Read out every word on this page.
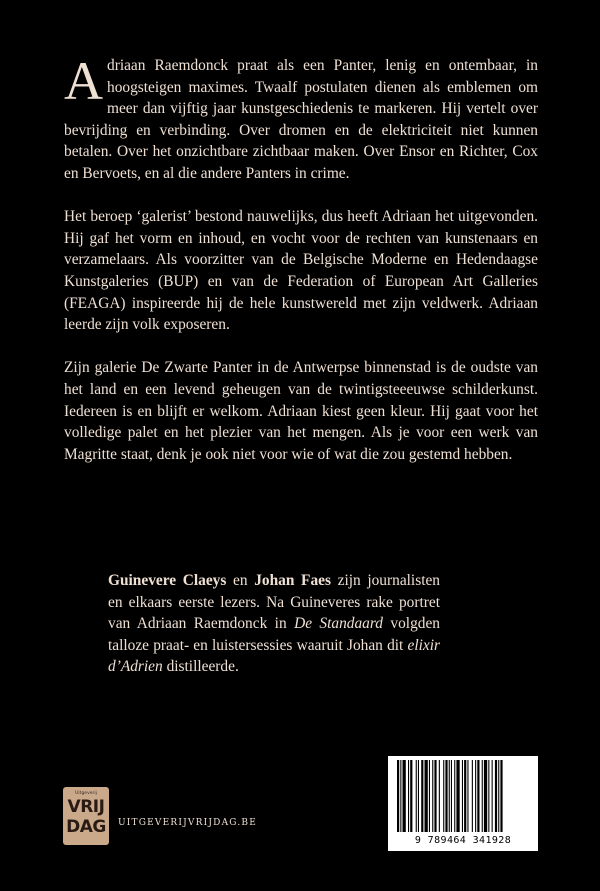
Adriaan Raemdonck praat als een Panter, lenig en ontembaar, in hoogsteigen maximes. Twaalf postulaten dienen als emblemen om meer dan vijftig jaar kunstgeschiedenis te markeren. Hij vertelt over bevrijding en verbinding. Over dromen en de elektriciteit niet kunnen betalen. Over het onzichtbare zichtbaar maken. Over Ensor en Richter, Cox en Bervoets, en al die andere Panters in crime.

Het beroep ‘galerist’ bestond nauwelijks, dus heeft Adriaan het uitgevonden. Hij gaf het vorm en inhoud, en vocht voor de rechten van kunstenaars en verzamelaars. Als voorzitter van de Belgische Moderne en Hedendaagse Kunstgaleries (BUP) en van de Federation of European Art Galleries (FEAGA) inspireerde hij de hele kunstwereld met zijn veldwerk. Adriaan leerde zijn volk exposeren.

Zijn galerie De Zwarte Panter in de Antwerpse binnenstad is de oudste van het land en een levend geheugen van de twintigsteeeuwse schilderkunst. Iedereen is en blijft er welkom. Adriaan kiest geen kleur. Hij gaat voor het volledige palet en het plezier van het mengen. Als je voor een werk van Magritte staat, denk je ook niet voor wie of wat die zou gestemd hebben.

Guinevere Claeys en Johan Faes zijn journalisten en elkaars eerste lezers. Na Guineveres rake portret van Adriaan Raemdonck in De Standaard volgden talloze praat- en luistersessies waaruit Johan dit elixir d’Adrien distilleerde.
Uitgeverij
VRIJ
DAG	UITGEVERIJVRIJDAG.BE
9 789464 341928
